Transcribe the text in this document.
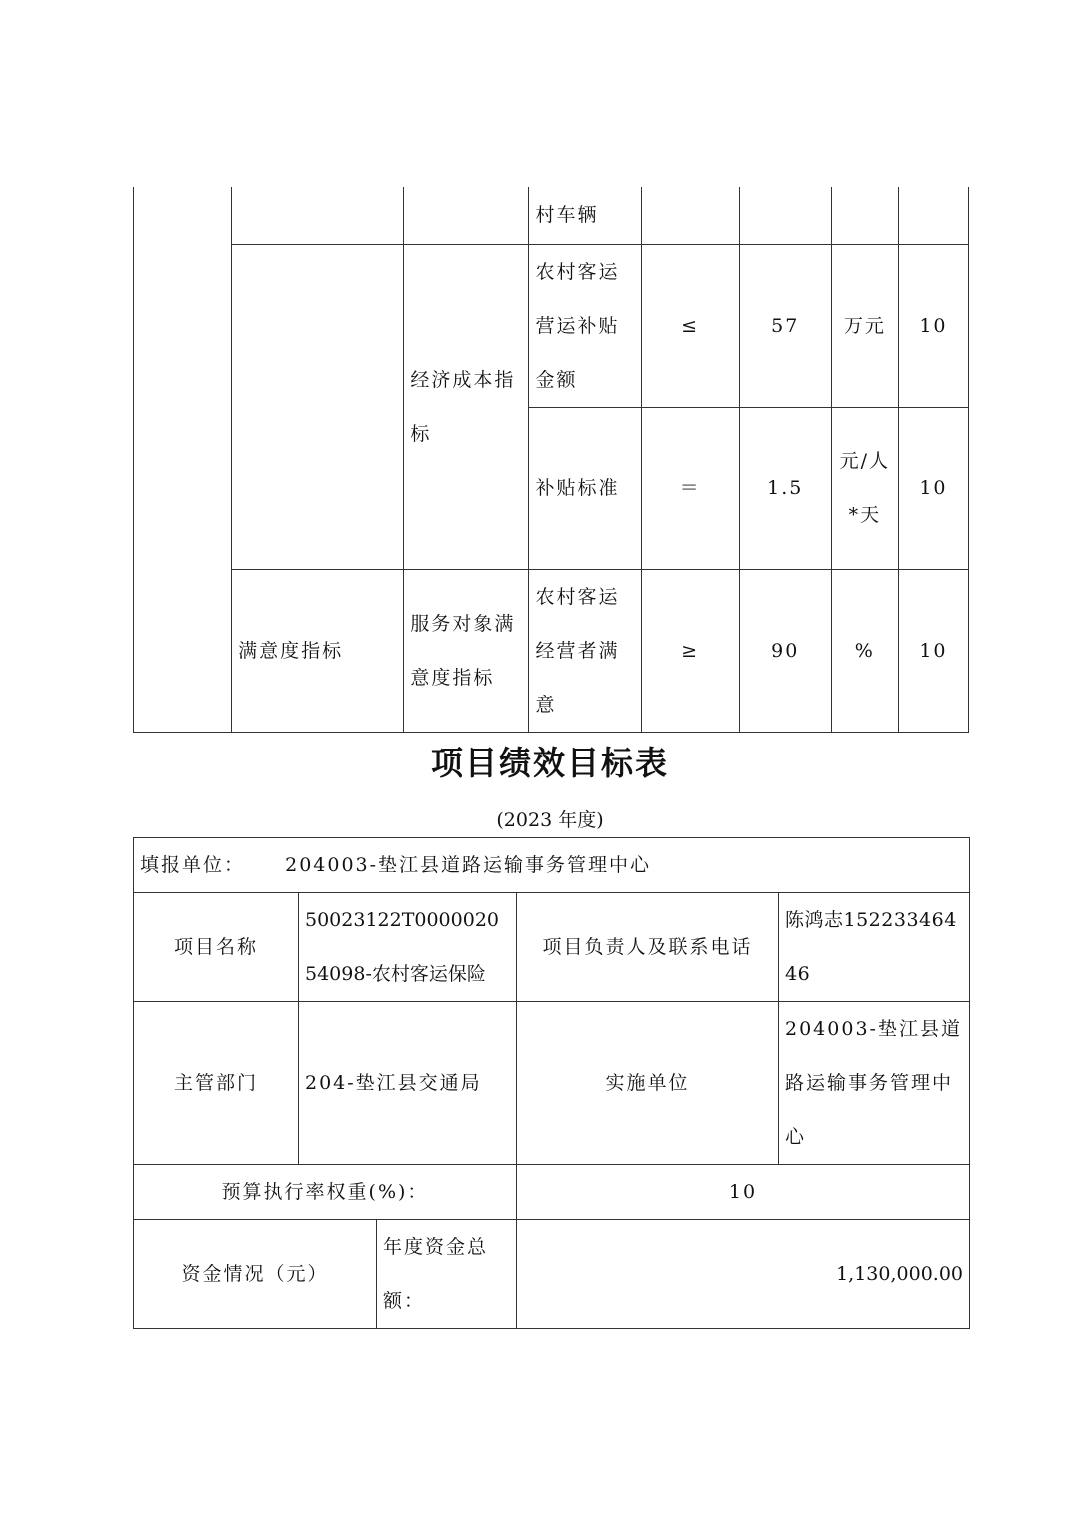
			村车辆				
		经济成本指标	农村客运营运补贴金额	≤	57	万元	10
			补贴标准	＝	1.5	元/人*天	10
	满意度指标	服务对象满意度指标	农村客运经营者满意	≥	90	%	10
项目绩效目标表
(2023 年度)
填报单位： 204003-垫江县道路运输事务管理中心				
项目名称	50023122T000002054098-农村客运保险		项目负责人及联系电话	陈鸿志15223346446
主管部门	204-垫江县交通局		实施单位	204003-垫江县道路运输事务管理中心
预算执行率权重(%)：			10	
资金情况（元）		年度资金总额：	1,130,000.00	
